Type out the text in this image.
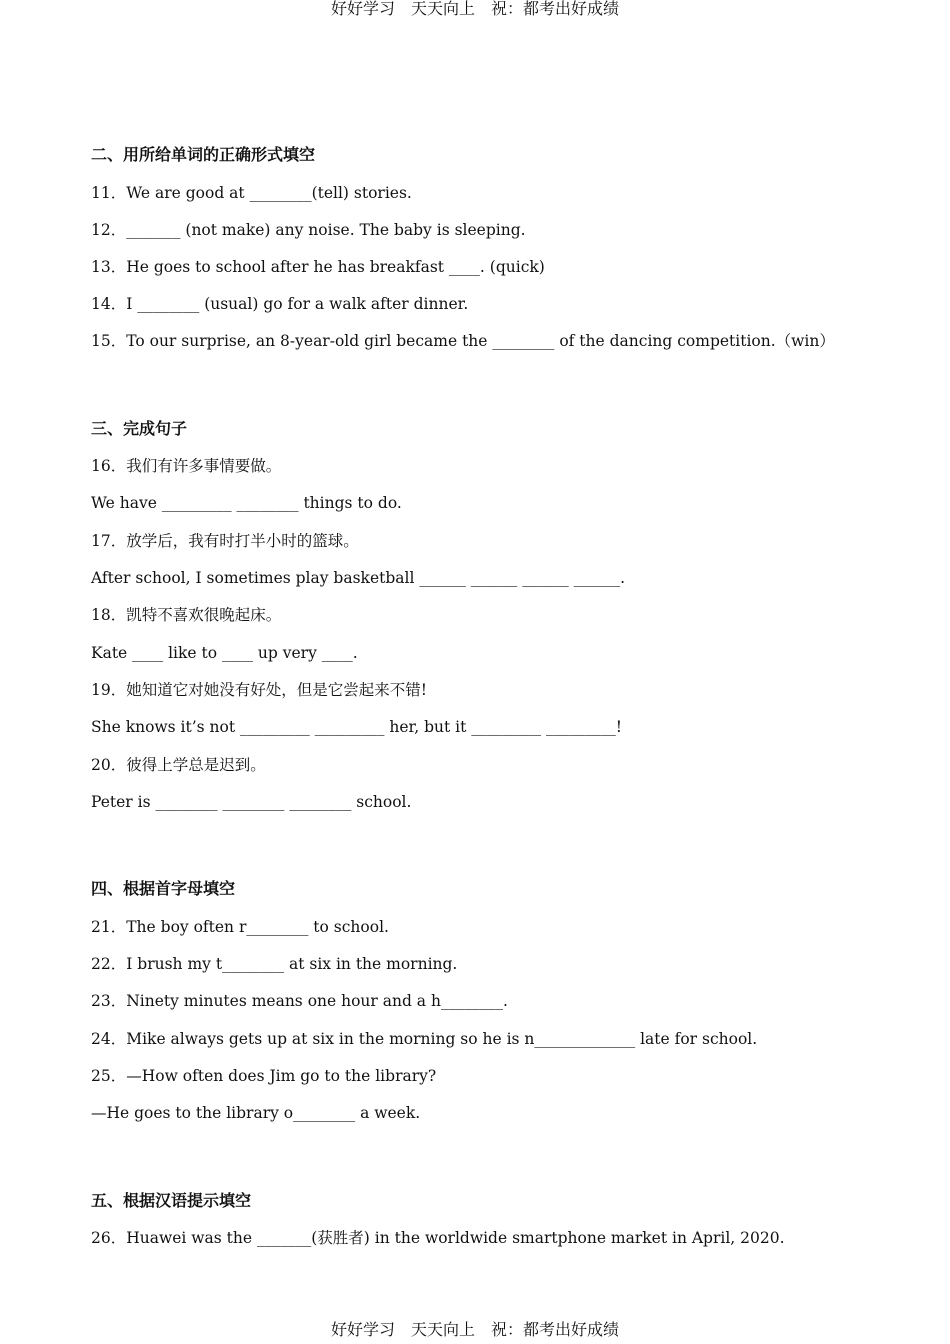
好好学习 天天向上 祝：都考出好成绩
二、用所给单词的正确形式填空
11．We are good at ________(tell) stories.
12．_______ (not make) any noise. The baby is sleeping.
13．He goes to school after he has breakfast ____. (quick)
14．I ________ (usual) go for a walk after dinner.
15．To our surprise, an 8-year-old girl became the ________ of the dancing competition.（win）
三、完成句子
16．我们有许多事情要做。
We have _________ ________ things to do.
17．放学后，我有时打半小时的篮球。
After school, I sometimes play basketball ______ ______ ______ ______.
18．凯特不喜欢很晚起床。
Kate ____ like to ____ up very ____.
19．她知道它对她没有好处，但是它尝起来不错!
She knows it’s not _________ _________ her, but it _________ _________!
20．彼得上学总是迟到。
Peter is ________ ________ ________ school.
四、根据首字母填空
21．The boy often r________ to school.
22．I brush my t________ at six in the morning.
23．Ninety minutes means one hour and a h________.
24．Mike always gets up at six in the morning so he is n_____________ late for school.
25．—How often does Jim go to the library?
—He goes to the library o________ a week.
五、根据汉语提示填空
26．Huawei was the _______(获胜者) in the worldwide smartphone market in April, 2020.
好好学习 天天向上 祝：都考出好成绩
